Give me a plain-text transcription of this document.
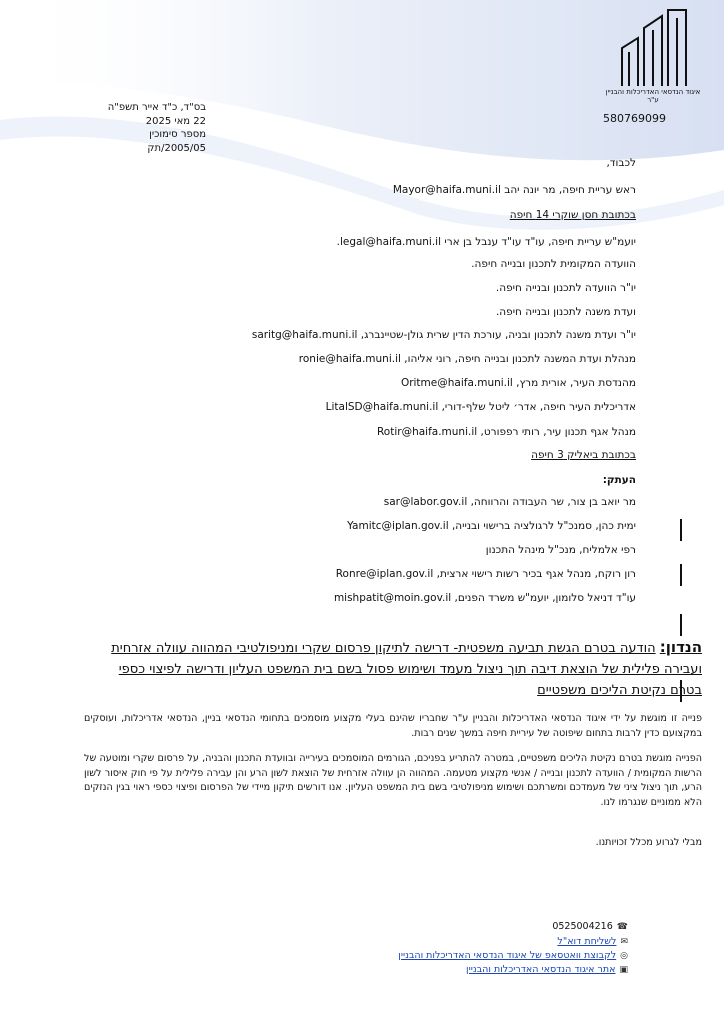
איגוד הנדסאי האדריכלות והבניין
ע"ר
580769099
בס"ד, כ"ד אייר תשפ"ה
22 מאי 2025
מספר סימוכין 2005/05/תק
לכבוד,
ראש עריית חיפה, מר יונה יהב Mayor@haifa.muni.il
בכתובת חסן שוקרי 14 חיפה
יועמ"ש עריית חיפה, עו"ד עו"ד ענבל בן ארי legal@haifa.muni.il.
הוועדה המקומית לתכנון ובנייה חיפה.
יו"ר הוועדה לתכנון ובנייה חיפה.
ועדת משנה לתכנון ובנייה חיפה.
יו"ר ועדת משנה לתכנון ובניה, עורכת הדין שרית גולן-שטיינברג, saritg@haifa.muni.il
מנהלת ועדת המשנה לתכנון ובנייה חיפה, רוני אליהו, ronie@haifa.muni.il
מהנדסת העיר, אורית מרץ, Oritme@haifa.muni.il
אדריכלית העיר חיפה, אדר׳ ליטל שלף-דורי, LitalSD@haifa.muni.il
מנהל אגף תכנון עיר, רותי רפפורט, Rotir@haifa.muni.il
בכתובת ביאליק 3 חיפה
העתק:
מר יואב בן צור, שר העבודה והרווחה, sar@labor.gov.il
ימית כהן, סמנכ"ל לרגולציה ברישוי ובנייה, Yamitc@iplan.gov.il
רפי אלמליח, מנכ"ל מינהל התכנון
רון רוקח, מנהל אגף בכיר רשות רישוי ארצית, Ronre@iplan.gov.il
עו"ד דניאל סלומון, יועמ"ש משרד הפנים, mishpatit@moin.gov.il
הנדון: הודעה בטרם הגשת תביעה משפטית- דרישה לתיקון פרסום שקרי ומניפולטיבי המהווה עוולה אזרחית ועבירה פלילית של הוצאת דיבה תוך ניצול מעמד ושימוש פסול בשם בית המשפט העליון ודרישה לפיצוי כספי בטרם נקיטת הליכים משפטיים
פנייה זו מוגשת על ידי איגוד הנדסאי האדריכלות והבניין ע"ר שחבריו שהינם בעלי מקצוע מוסמכים בתחומי הנדסאי בניין, הנדסאי אדריכלות, ועוסקים במקצועם כדין לרבות בתחום שיפוטה של עיריית חיפה במשך שנים רבות.
הפנייה מוגשת בטרם נקיטת הליכים משפטיים, במטרה להתריע בפניכם, הגורמים המוסמכים בעירייה ובוועדת התכנון והבניה, על פרסום שקרי ומוטעה של הרשות המקומית / הוועדה לתכנון ובנייה / אנשי מקצוע מטעמה. המהווה הן עוולה אזרחית של הוצאת לשון הרע והן עבירה פלילית על פי חוק איסור לשון הרע, תוך ניצול ציני של מעמדכם ומשרתכם ושימוש מניפולטיבי בשם בית המשפט העליון. אנו דורשים תיקון מיידי של הפרסום ופיצוי כספי ראוי בגין הנזקים הלא ממוניים שנגרמו לנו.
מבלי לגרוע מכלל זכויותנו.
☎0525004216
✉לשליחת דוא"ל
◎לקבוצת וואטסאפ של איגוד הנדסאי האדריכלות והבניין
▣אתר איגוד הנדסאי האדריכלות והבניין
